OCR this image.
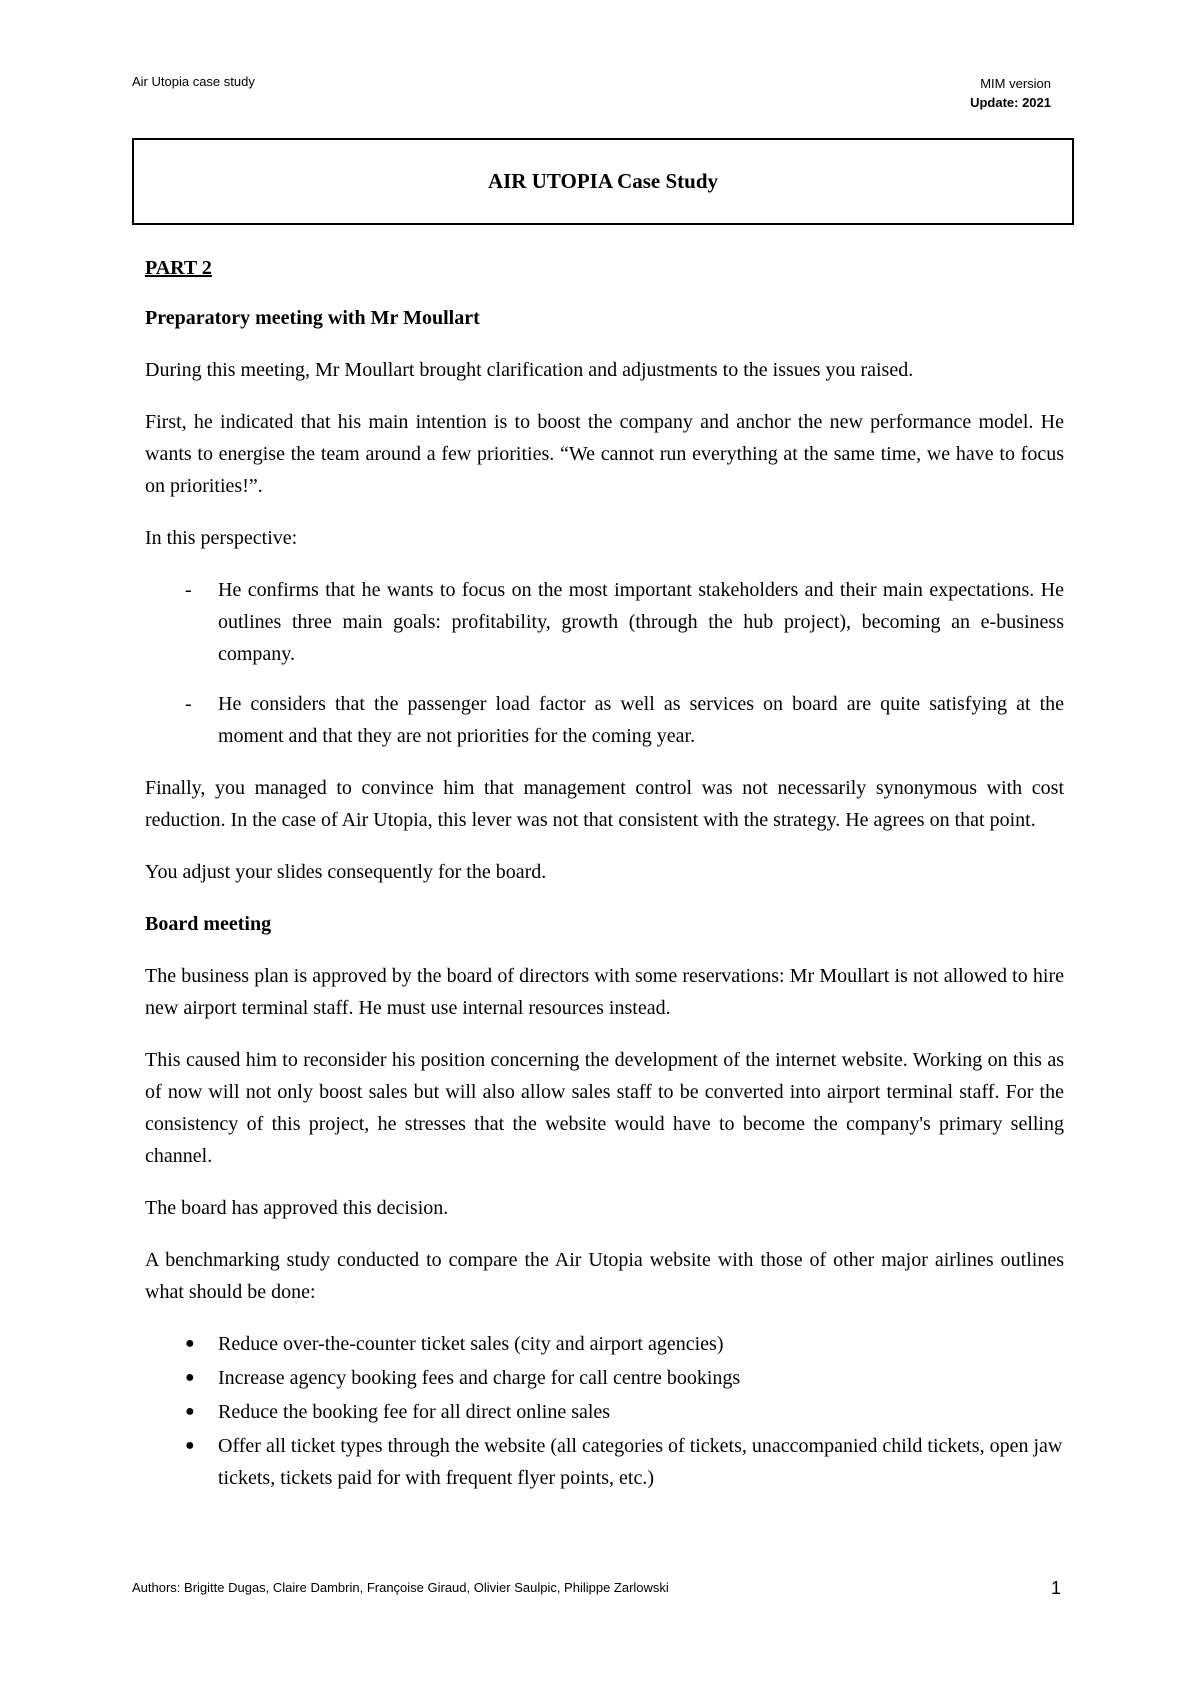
Air Utopia case study	MIM version
Update: 2021
AIR UTOPIA Case Study

PART 2

Preparatory meeting with Mr Moullart

During this meeting, Mr Moullart brought clarification and adjustments to the issues you raised.

First, he indicated that his main intention is to boost the company and anchor the new performance model. He wants to energise the team around a few priorities. “We cannot run everything at the same time, we have to focus on priorities!”.

In this perspective:

- He confirms that he wants to focus on the most important stakeholders and their main expectations. He outlines three main goals: profitability, growth (through the hub project), becoming an e-business company.
- He considers that the passenger load factor as well as services on board are quite satisfying at the moment and that they are not priorities for the coming year.

Finally, you managed to convince him that management control was not necessarily synonymous with cost reduction. In the case of Air Utopia, this lever was not that consistent with the strategy. He agrees on that point.

You adjust your slides consequently for the board.

Board meeting

The business plan is approved by the board of directors with some reservations: Mr Moullart is not allowed to hire new airport terminal staff. He must use internal resources instead.

This caused him to reconsider his position concerning the development of the internet website. Working on this as of now will not only boost sales but will also allow sales staff to be converted into airport terminal staff. For the consistency of this project, he stresses that the website would have to become the company's primary selling channel.

The board has approved this decision.

A benchmarking study conducted to compare the Air Utopia website with those of other major airlines outlines what should be done:

● Reduce over-the-counter ticket sales (city and airport agencies)
● Increase agency booking fees and charge for call centre bookings
● Reduce the booking fee for all direct online sales
● Offer all ticket types through the website (all categories of tickets, unaccompanied child tickets, open jaw tickets, tickets paid for with frequent flyer points, etc.)
Authors: Brigitte Dugas, Claire Dambrin, Françoise Giraud, Olivier Saulpic, Philippe Zarlowski	1
